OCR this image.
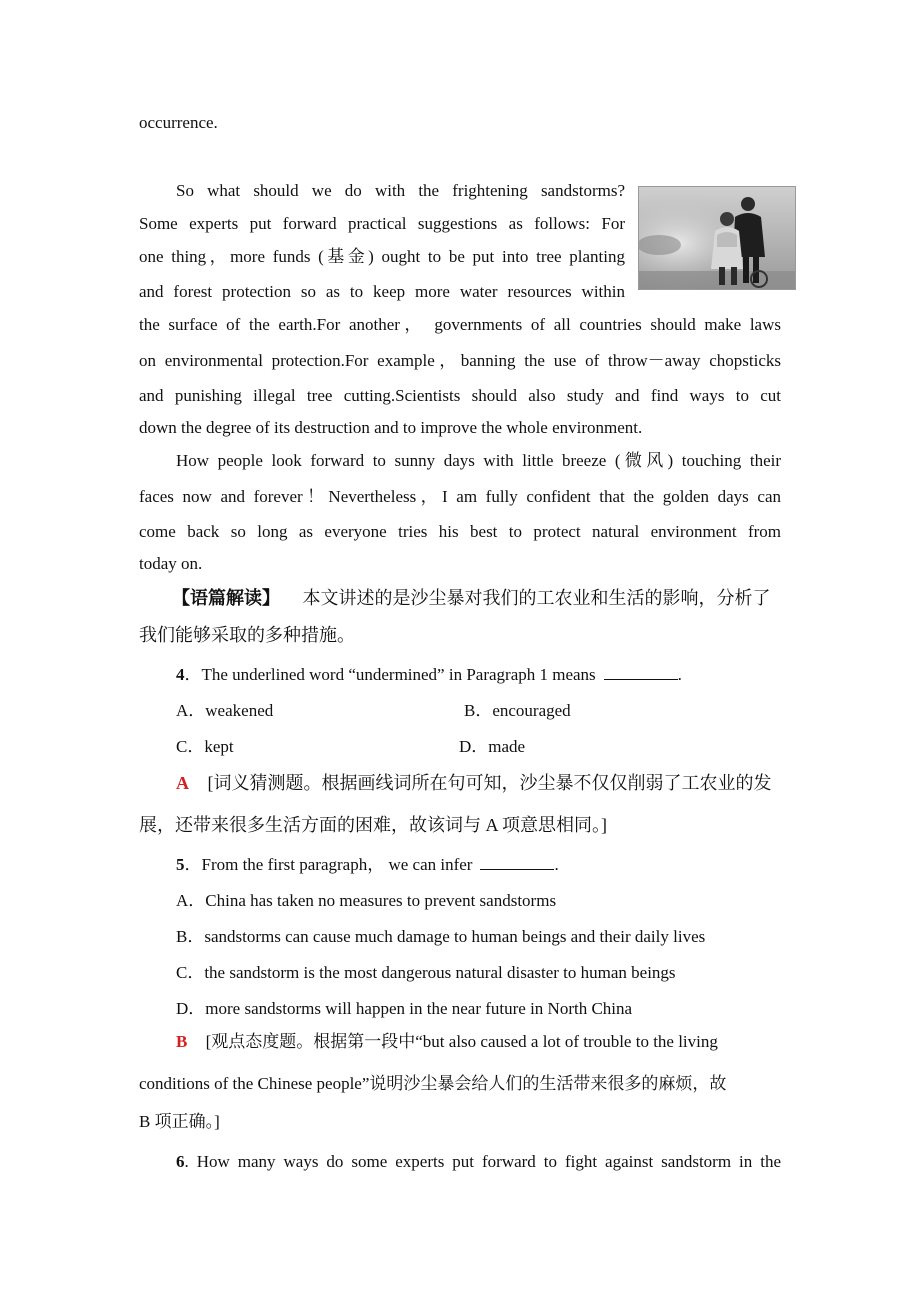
occurrence.
So what should we do with the frightening sandstorms?
Some experts put forward practical suggestions as follows: For
one thing，more funds (基金) ought to be put into tree planting
and forest protection so as to keep more water resources within
the surface of the earth.For another， governments of all countries should make laws
on environmental protection.For example，banning the use of throw－away chopsticks
and punishing illegal tree cutting.Scientists should also study and find ways to cut
down the degree of its destruction and to improve the whole environment.
How people look forward to sunny days with little breeze (微风) touching their
faces now and forever！Nevertheless，I am fully confident that the golden days can
come back so long as everyone tries his best to protect natural environment from
today on.
【语篇解读】 本文讲述的是沙尘暴对我们的工农业和生活的影响，分析了
我们能够采取的多种措施。
4．The underlined word “undermined” in Paragraph 1 means	.
A．weakened	B．encouraged
C．kept	D．made
A [词义猜测题。根据画线词所在句可知，沙尘暴不仅仅削弱了工农业的发
展，还带来很多生活方面的困难，故该词与 A 项意思相同。]
5．From the first paragraph， we can infer	.
A．China has taken no measures to prevent sandstorms
B．sandstorms can cause much damage to human beings and their daily lives
C．the sandstorm is the most dangerous natural disaster to human beings
D．more sandstorms will happen in the near future in North China
B [观点态度题。根据第一段中“but also caused a lot of trouble to the living
conditions of the Chinese people”说明沙尘暴会给人们的生活带来很多的麻烦，故
B 项正确。]
6. How many ways do some experts put forward to fight against sandstorm in the
